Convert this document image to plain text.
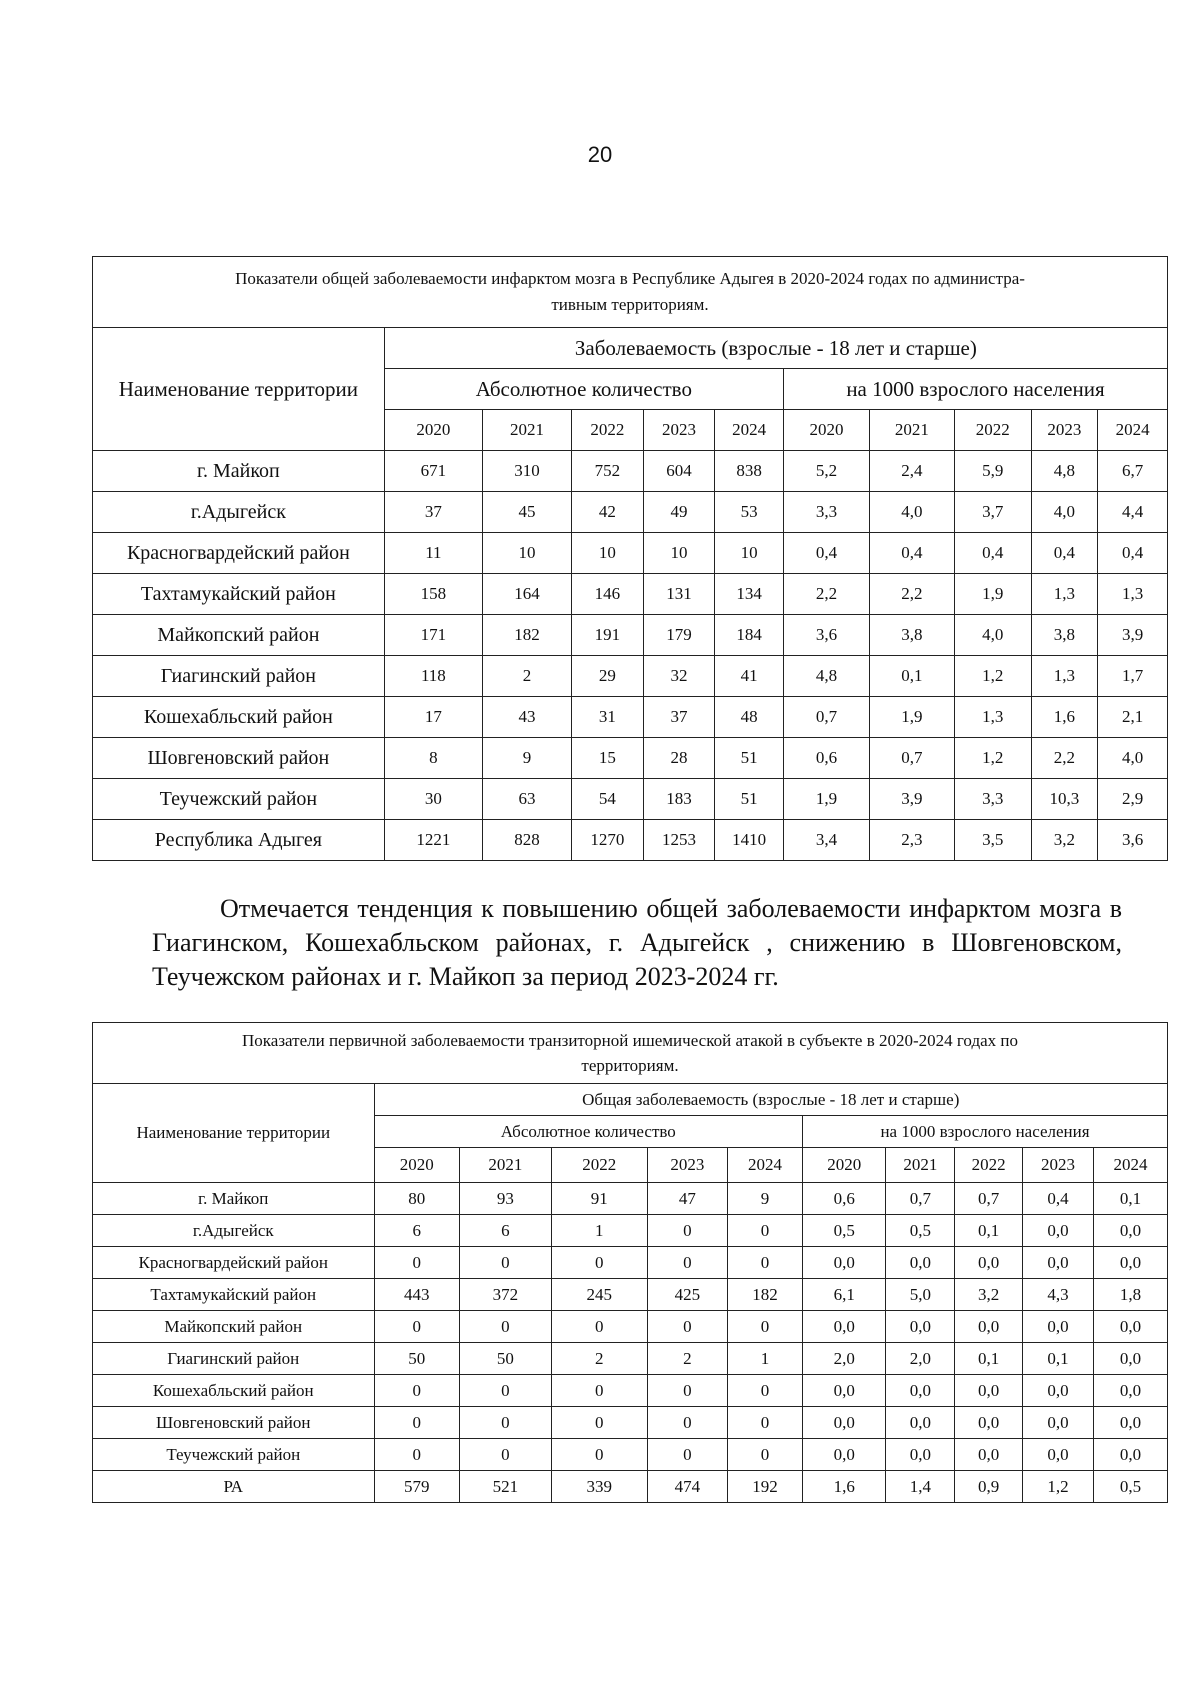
20
Показатели общей заболеваемости инфарктом мозга в Республике Адыгея в 2020-2024 годах по администра-
тивным территориям.										
Наименование территории	Заболеваемость (взрослые - 18 лет и старше)									
	Абсолютное количество					на 1000 взрослого населения				
	2020	2021	2022	2023	2024	2020	2021	2022	2023	2024
г. Майкоп	671	310	752	604	838	5,2	2,4	5,9	4,8	6,7
г.Адыгейск	37	45	42	49	53	3,3	4,0	3,7	4,0	4,4
Красногвардейский район	11	10	10	10	10	0,4	0,4	0,4	0,4	0,4
Тахтамукайский район	158	164	146	131	134	2,2	2,2	1,9	1,3	1,3
Майкопский район	171	182	191	179	184	3,6	3,8	4,0	3,8	3,9
Гиагинский район	118	2	29	32	41	4,8	0,1	1,2	1,3	1,7
Кошехабльский район	17	43	31	37	48	0,7	1,9	1,3	1,6	2,1
Шовгеновский район	8	9	15	28	51	0,6	0,7	1,2	2,2	4,0
Теучежский район	30	63	54	183	51	1,9	3,9	3,3	10,3	2,9
Республика Адыгея	1221	828	1270	1253	1410	3,4	2,3	3,5	3,2	3,6
Отмечается тенденция к повышению общей заболеваемости инфарктом мозга в Гиагинском, Кошехабльском районах, г. Адыгейск , снижению в Шовгеновском, Теучежском районах и г. Майкоп за период 2023-2024 гг.
Показатели первичной заболеваемости транзиторной ишемической атакой в субъекте в 2020-2024 годах по
территориям.										
Наименование территории	Общая заболеваемость (взрослые - 18 лет и старше)									
	Абсолютное количество					на 1000 взрослого населения				
	2020	2021	2022	2023	2024	2020	2021	2022	2023	2024
г. Майкоп	80	93	91	47	9	0,6	0,7	0,7	0,4	0,1
г.Адыгейск	6	6	1	0	0	0,5	0,5	0,1	0,0	0,0
Красногвардейский район	0	0	0	0	0	0,0	0,0	0,0	0,0	0,0
Тахтамукайский район	443	372	245	425	182	6,1	5,0	3,2	4,3	1,8
Майкопский район	0	0	0	0	0	0,0	0,0	0,0	0,0	0,0
Гиагинский район	50	50	2	2	1	2,0	2,0	0,1	0,1	0,0
Кошехабльский район	0	0	0	0	0	0,0	0,0	0,0	0,0	0,0
Шовгеновский район	0	0	0	0	0	0,0	0,0	0,0	0,0	0,0
Теучежский район	0	0	0	0	0	0,0	0,0	0,0	0,0	0,0
РА	579	521	339	474	192	1,6	1,4	0,9	1,2	0,5
